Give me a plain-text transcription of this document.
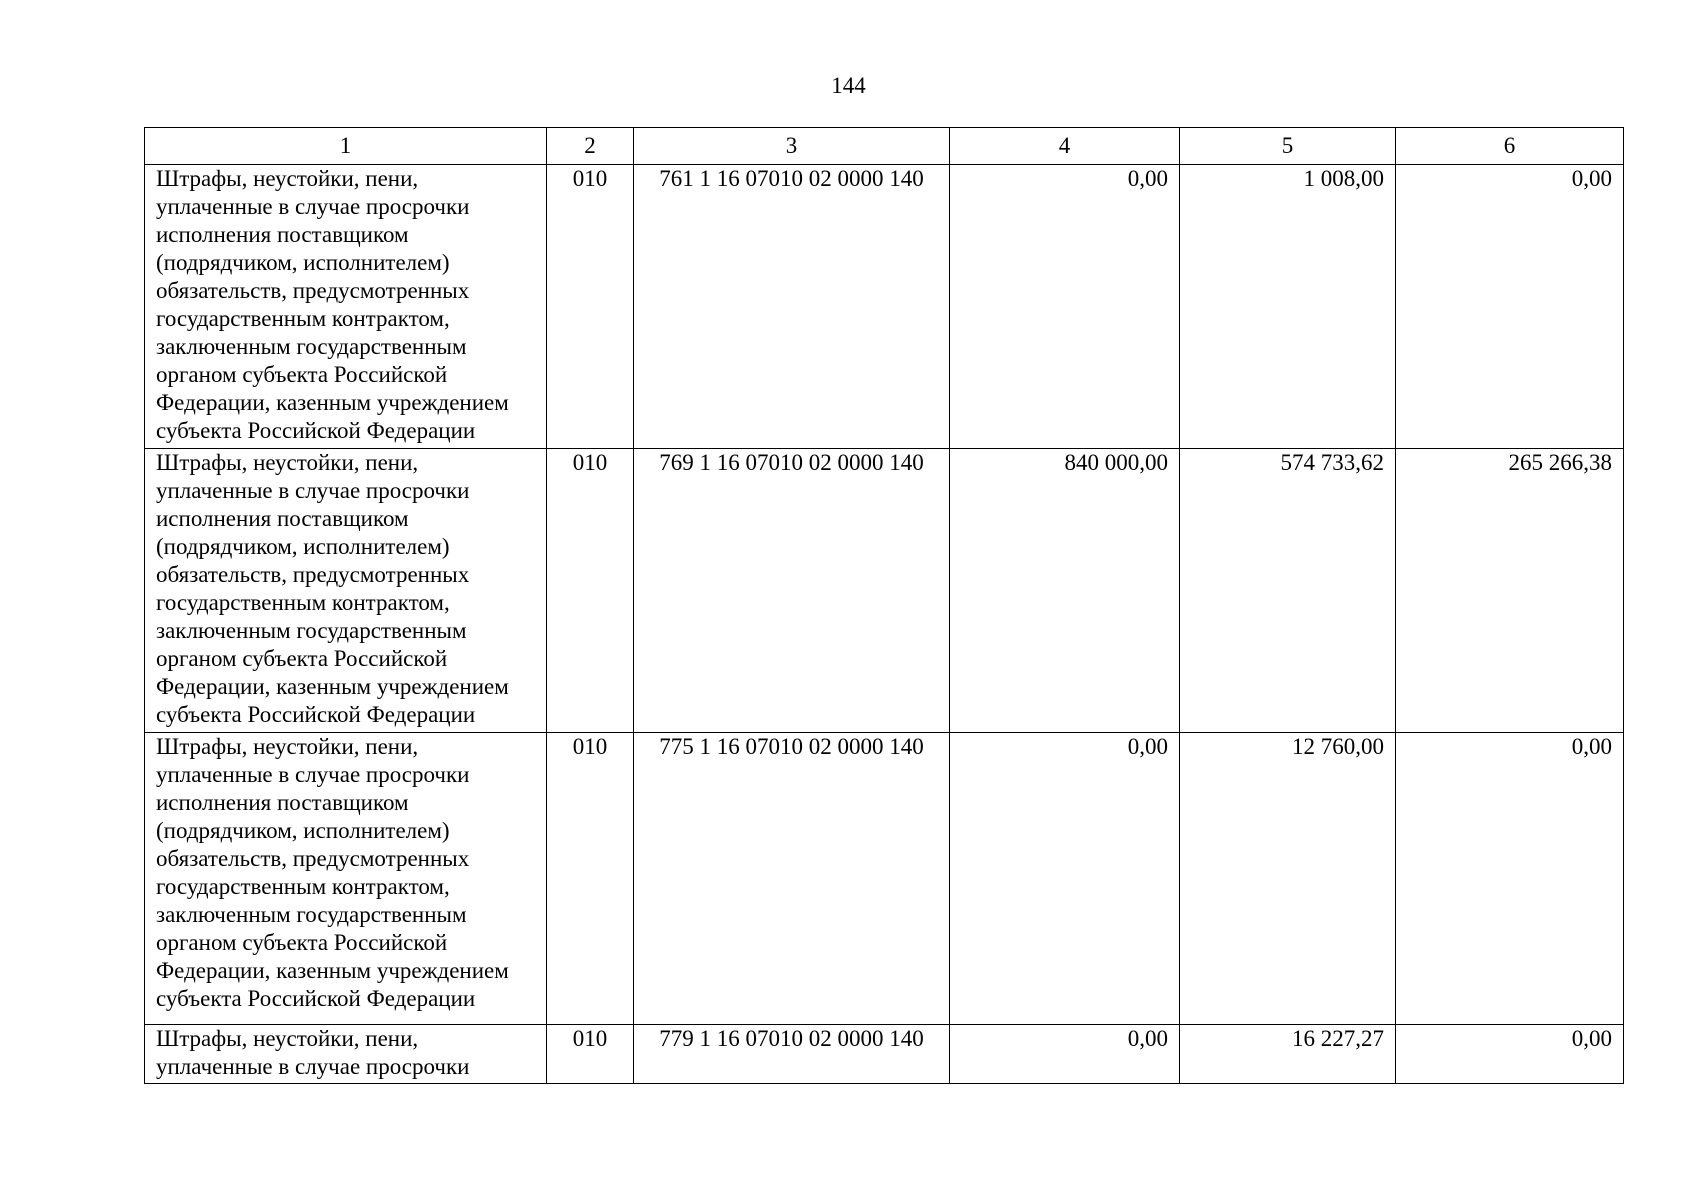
144
1	2	3	4	5	6
Штрафы, неустойки, пени, уплаченные в случае просрочки исполнения поставщиком (подрядчиком, исполнителем) обязательств, предусмотренных государственным контрактом, заключенным государственным органом субъекта Российской Федерации, казенным учреждением субъекта Российской Федерации	010	761 1 16 07010 02 0000 140	0,00	1 008,00	0,00
Штрафы, неустойки, пени, уплаченные в случае просрочки исполнения поставщиком (подрядчиком, исполнителем) обязательств, предусмотренных государственным контрактом, заключенным государственным органом субъекта Российской Федерации, казенным учреждением субъекта Российской Федерации	010	769 1 16 07010 02 0000 140	840 000,00	574 733,62	265 266,38
Штрафы, неустойки, пени, уплаченные в случае просрочки исполнения поставщиком (подрядчиком, исполнителем) обязательств, предусмотренных государственным контрактом, заключенным государственным органом субъекта Российской Федерации, казенным учреждением субъекта Российской Федерации	010	775 1 16 07010 02 0000 140	0,00	12 760,00	0,00
Штрафы, неустойки, пени, уплаченные в случае просрочки	010	779 1 16 07010 02 0000 140	0,00	16 227,27	0,00
